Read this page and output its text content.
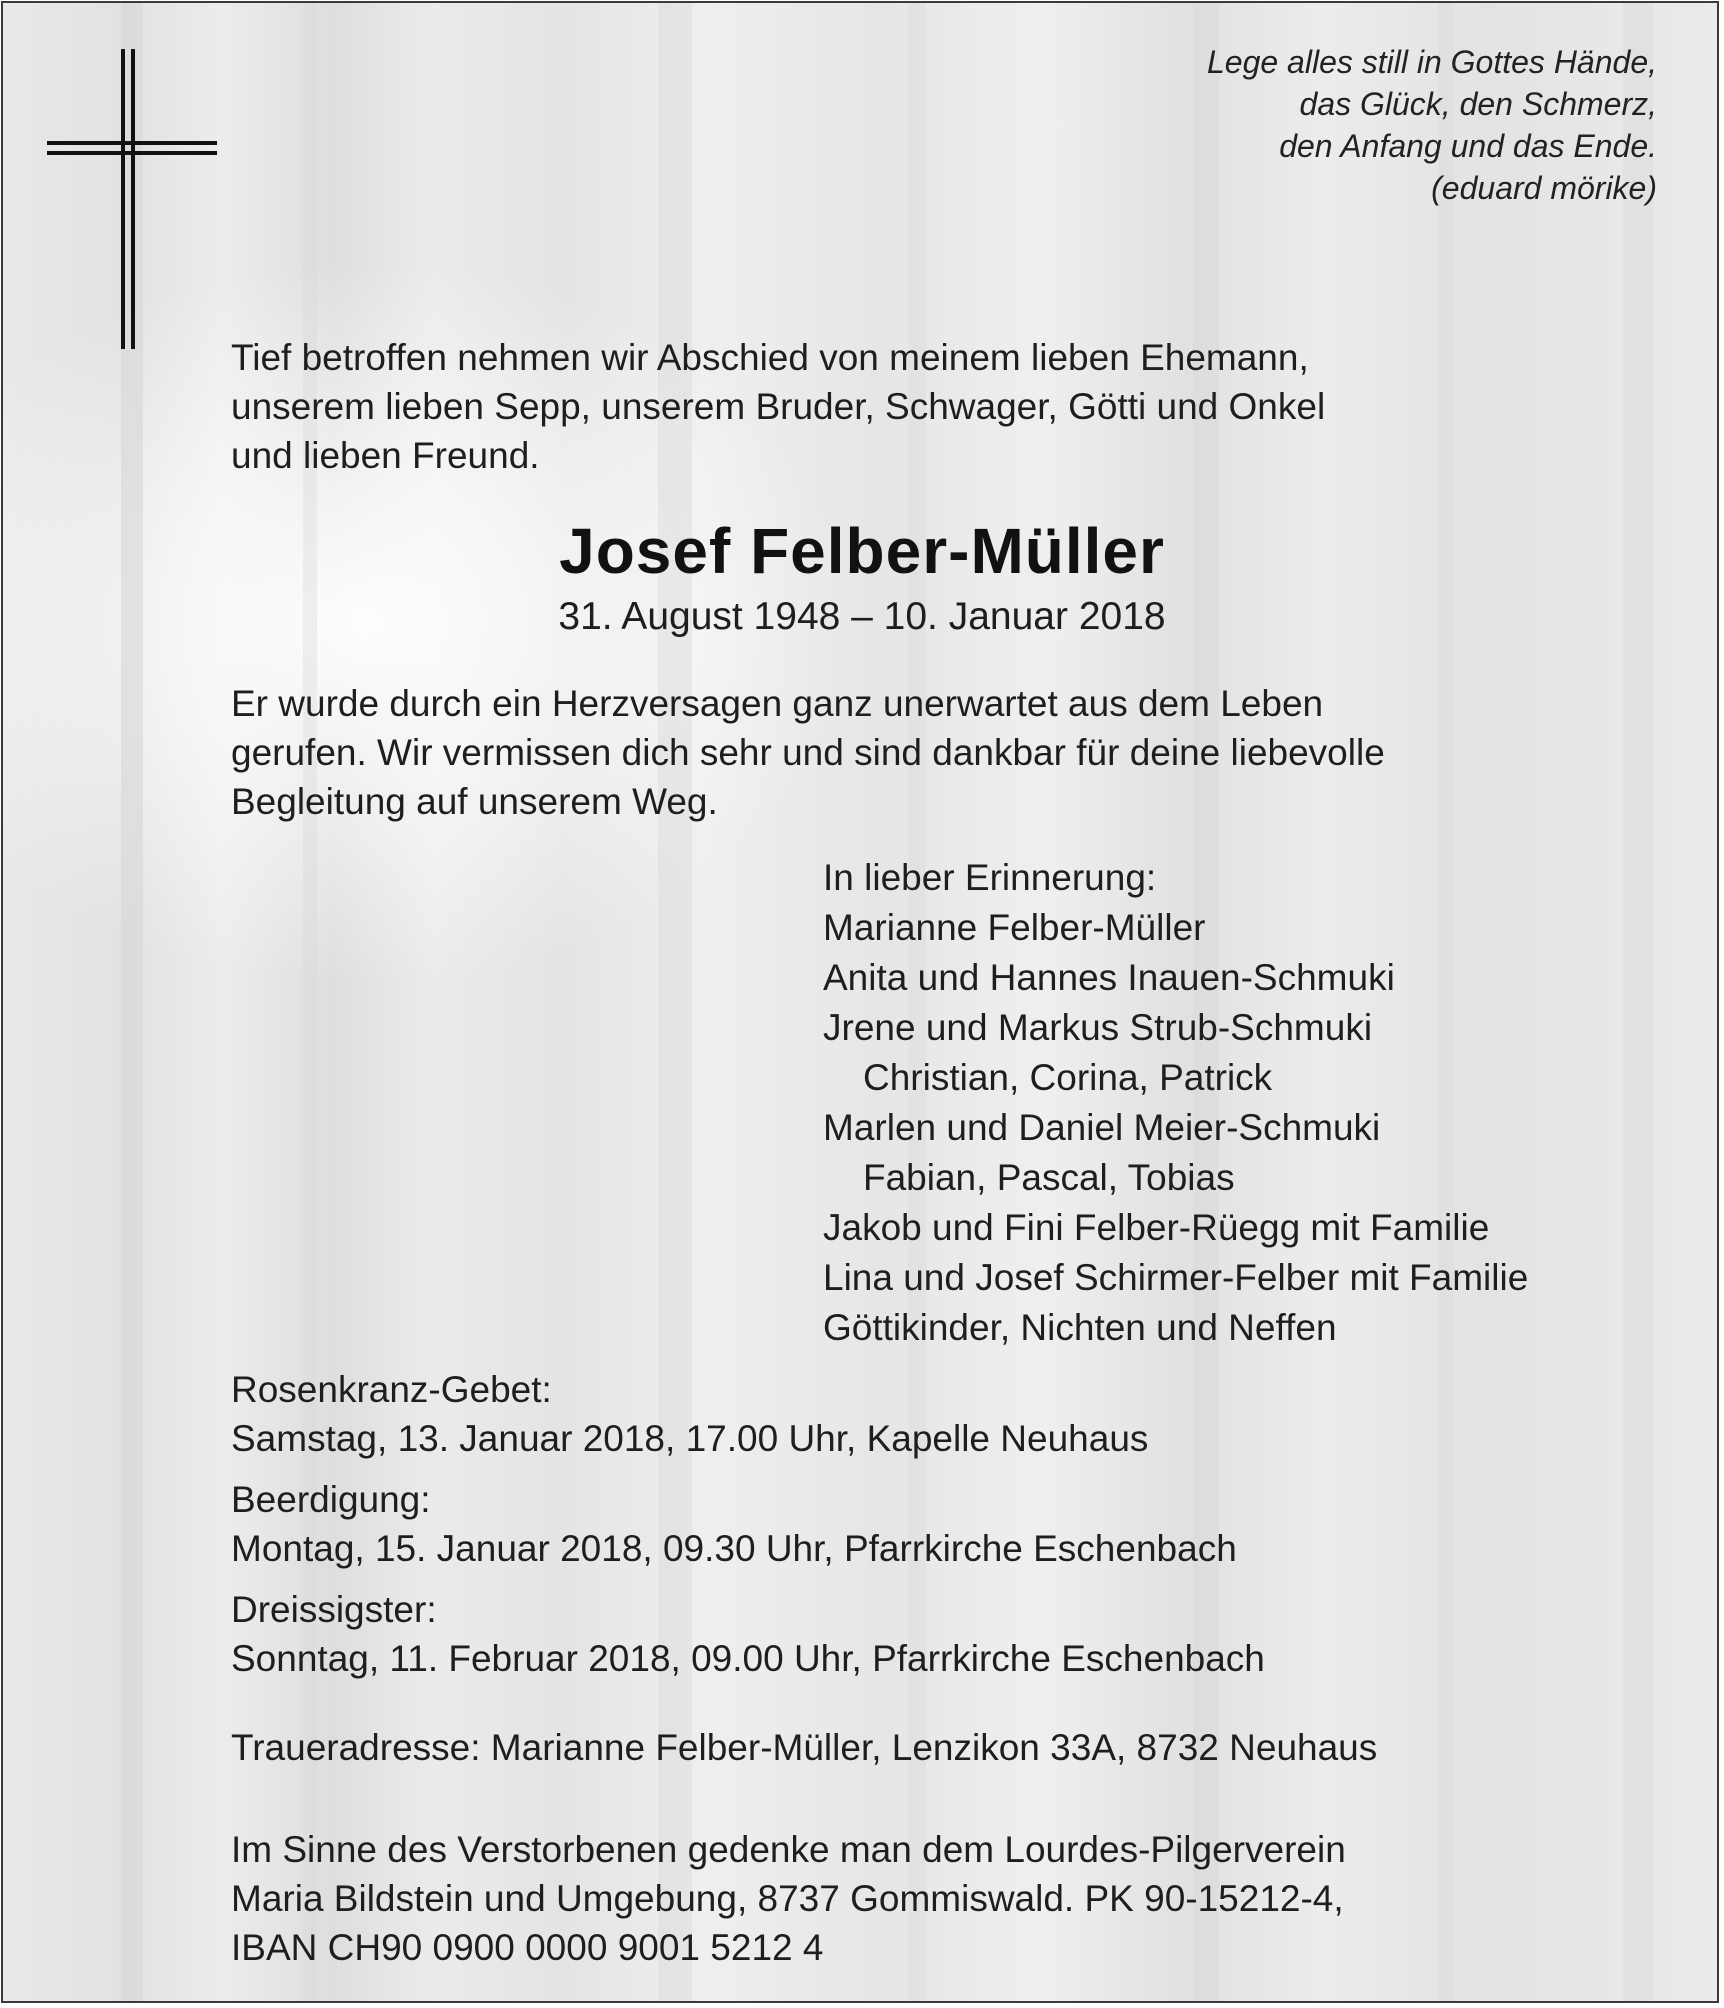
Lege alles still in Gottes Hände,
das Glück, den Schmerz,
den Anfang und das Ende.
(eduard mörike)
Tief betroffen nehmen wir Abschied von meinem lieben Ehemann,
unserem lieben Sepp, unserem Bruder, Schwager, Götti und Onkel
und lieben Freund.
Josef Felber-Müller
31. August 1948 – 10. Januar 2018
Er wurde durch ein Herzversagen ganz unerwartet aus dem Leben
gerufen. Wir vermissen dich sehr und sind dankbar für deine liebevolle
Begleitung auf unserem Weg.
In lieber Erinnerung:
Marianne Felber-Müller
Anita und Hannes Inauen-Schmuki
Jrene und Markus Strub-Schmuki
Christian, Corina, Patrick
Marlen und Daniel Meier-Schmuki
Fabian, Pascal, Tobias
Jakob und Fini Felber-Rüegg mit Familie
Lina und Josef Schirmer-Felber mit Familie
Göttikinder, Nichten und Neffen
Rosenkranz-Gebet:
Samstag, 13. Januar 2018, 17.00 Uhr, Kapelle Neuhaus
Beerdigung:
Montag, 15. Januar 2018, 09.30 Uhr, Pfarrkirche Eschenbach
Dreissigster:
Sonntag, 11. Februar 2018, 09.00 Uhr, Pfarrkirche Eschenbach
Traueradresse: Marianne Felber-Müller, Lenzikon 33A, 8732 Neuhaus
Im Sinne des Verstorbenen gedenke man dem Lourdes-Pilgerverein
Maria Bildstein und Umgebung, 8737 Gommiswald. PK 90-15212-4,
IBAN CH90 0900 0000 9001 5212 4
